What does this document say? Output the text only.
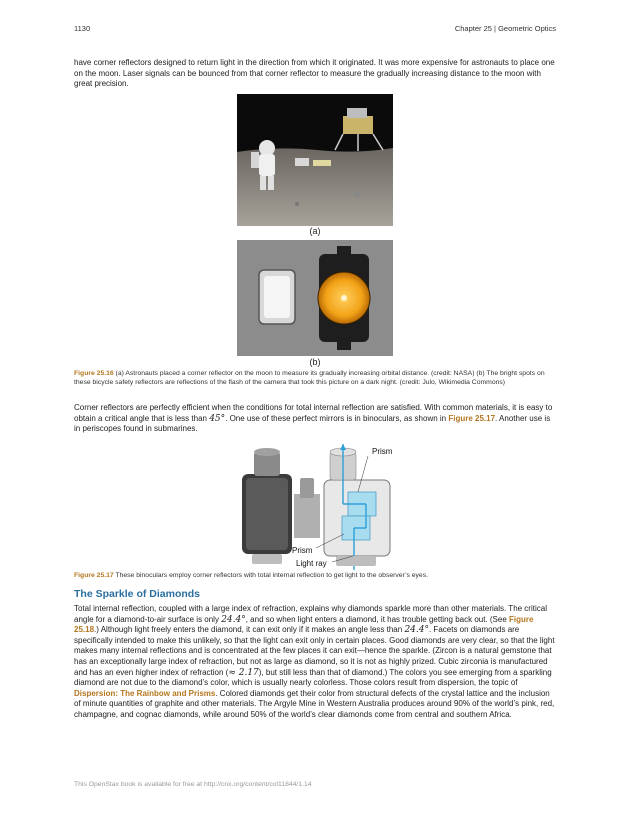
1130	Chapter 25 | Geometric Optics

have corner reflectors designed to return light in the direction from which it originated. It was more expensive for astronauts to place one on the moon. Laser signals can be bounced from that corner reflector to measure the gradually increasing distance to the moon with great precision.

(a)
(b)
Figure 25.16 (a) Astronauts placed a corner reflector on the moon to measure its gradually increasing orbital distance. (credit: NASA) (b) The bright spots on these bicycle safety reflectors are reflections of the flash of the camera that took this picture on a dark night. (credit: Julo, Wikimedia Commons)

Corner reflectors are perfectly efficient when the conditions for total internal reflection are satisfied. With common materials, it is easy to obtain a critical angle that is less than 45°. One use of these perfect mirrors is in binoculars, as shown in Figure 25.17. Another use is in periscopes found in submarines.

Prism
Prism
Light ray
Figure 25.17 These binoculars employ corner reflectors with total internal reflection to get light to the observer’s eyes.
The Sparkle of Diamonds

Total internal reflection, coupled with a large index of refraction, explains why diamonds sparkle more than other materials. The critical angle for a diamond-to-air surface is only 24.4°, and so when light enters a diamond, it has trouble getting back out. (See Figure 25.18.) Although light freely enters the diamond, it can exit only if it makes an angle less than 24.4°. Facets on diamonds are specifically intended to make this unlikely, so that the light can exit only in certain places. Good diamonds are very clear, so that the light makes many internal reflections and is concentrated at the few places it can exit—hence the sparkle. (Zircon is a natural gemstone that has an exceptionally large index of refraction, but not as large as diamond, so it is not as highly prized. Cubic zirconia is manufactured and has an even higher index of refraction (≈ 2.17), but still less than that of diamond.) The colors you see emerging from a sparkling diamond are not due to the diamond’s color, which is usually nearly colorless. Those colors result from dispersion, the topic of Dispersion: The Rainbow and Prisms. Colored diamonds get their color from structural defects of the crystal lattice and the inclusion of minute quantities of graphite and other materials. The Argyle Mine in Western Australia produces around 90% of the world’s pink, red, champagne, and cognac diamonds, while around 50% of the world’s clear diamonds come from central and southern Africa.

This OpenStax book is available for free at http://cnx.org/content/col11844/1.14
